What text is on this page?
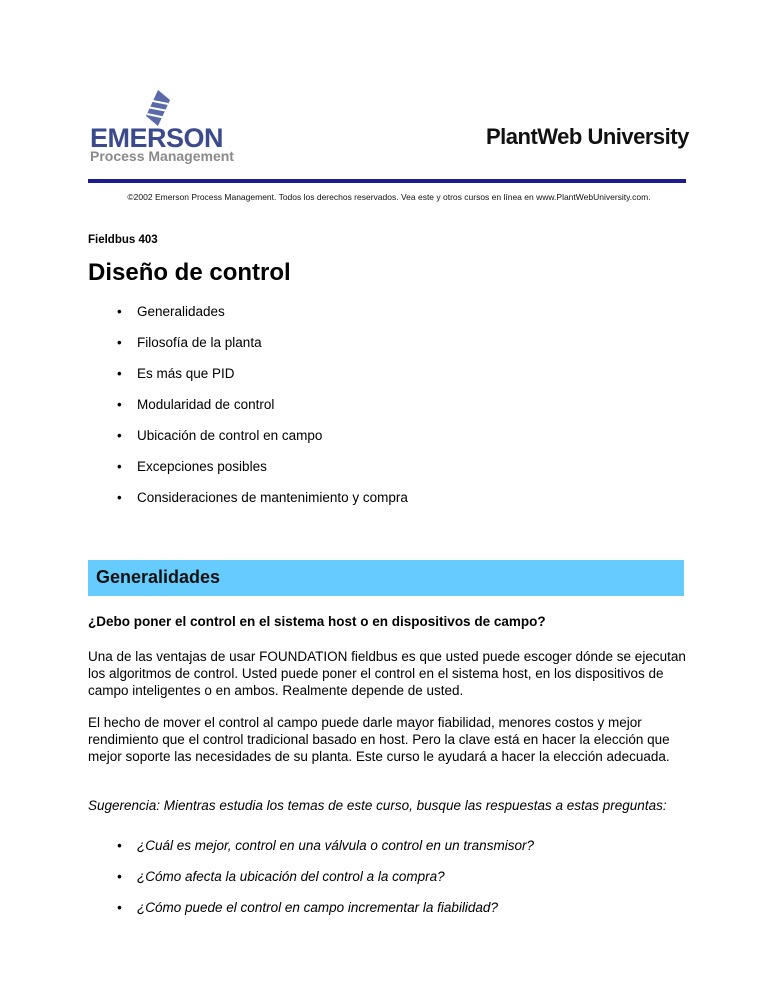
EMERSON
Process Management
PlantWeb University
©2002 Emerson Process Management. Todos los derechos reservados. Vea este y otros cursos en línea en www.PlantWebUniversity.com.
Fieldbus 403
Diseño de control
• Generalidades
• Filosofía de la planta
• Es más que PID
• Modularidad de control
• Ubicación de control en campo
• Excepciones posibles
• Consideraciones de mantenimiento y compra
Generalidades
¿Debo poner el control en el sistema host o en dispositivos de campo?
Una de las ventajas de usar FOUNDATION fieldbus es que usted puede escoger dónde se ejecutan los algoritmos de control. Usted puede poner el control en el sistema host, en los dispositivos de campo inteligentes o en ambos. Realmente depende de usted.
El hecho de mover el control al campo puede darle mayor fiabilidad, menores costos y mejor rendimiento que el control tradicional basado en host. Pero la clave está en hacer la elección que mejor soporte las necesidades de su planta. Este curso le ayudará a hacer la elección adecuada.
Sugerencia: Mientras estudia los temas de este curso, busque las respuestas a estas preguntas:
• ¿Cuál es mejor, control en una válvula o control en un transmisor?
• ¿Cómo afecta la ubicación del control a la compra?
• ¿Cómo puede el control en campo incrementar la fiabilidad?
